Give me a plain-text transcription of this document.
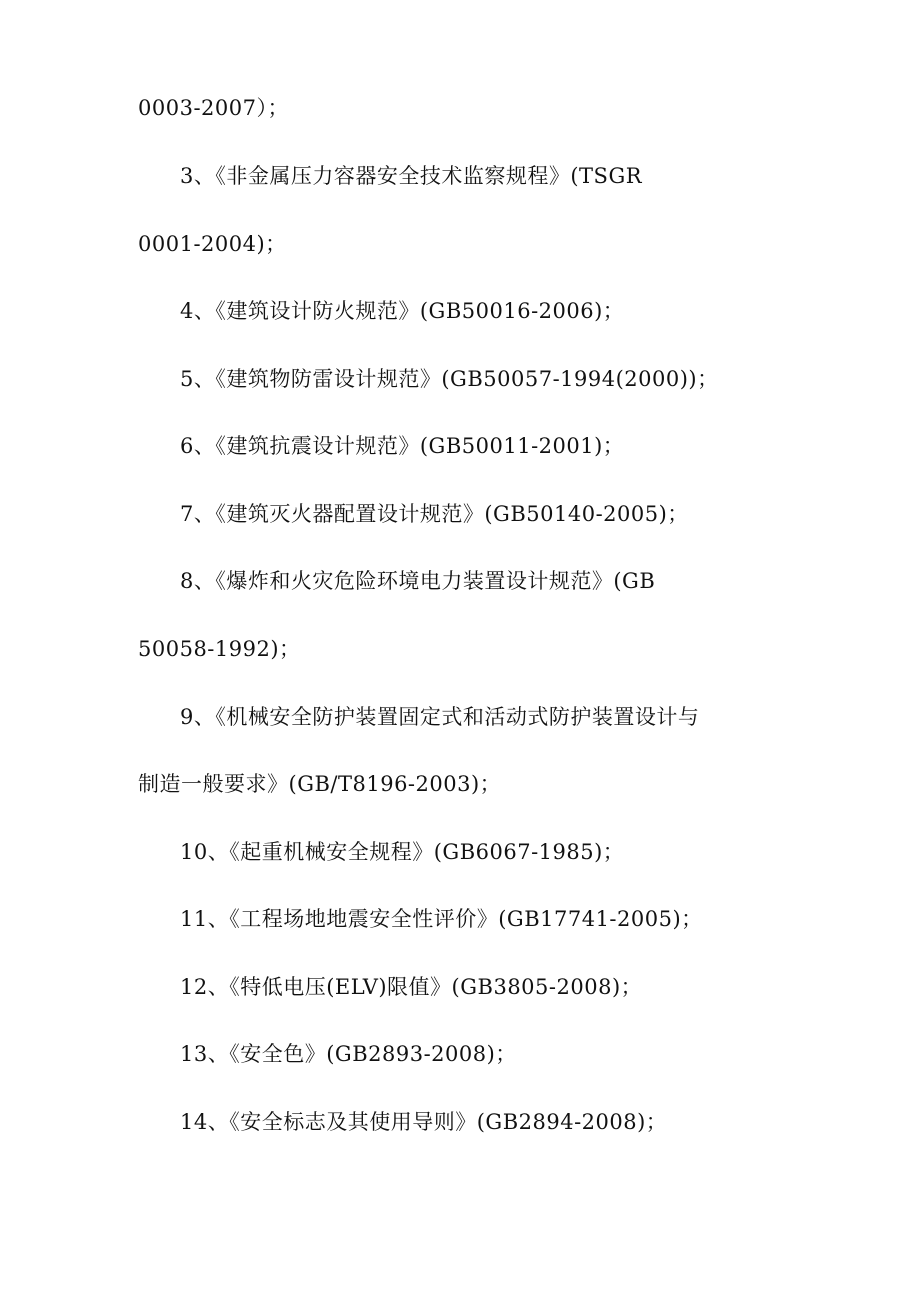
0003-2007）；
3、《非金属压力容器安全技术监察规程》(TSGR
0001-2004)；
4、《建筑设计防火规范》(GB50016-2006)；
5、《建筑物防雷设计规范》(GB50057-1994(2000))；
6、《建筑抗震设计规范》(GB50011-2001)；
7、《建筑灭火器配置设计规范》(GB50140-2005)；
8、《爆炸和火灾危险环境电力装置设计规范》(GB
50058-1992)；
9、《机械安全防护装置固定式和活动式防护装置设计与
制造一般要求》(GB/T8196-2003)；
10、《起重机械安全规程》(GB6067-1985)；
11、《工程场地地震安全性评价》(GB17741-2005)；
12、《特低电压(ELV)限值》(GB3805-2008)；
13、《安全色》(GB2893-2008)；
14、《安全标志及其使用导则》(GB2894-2008)；
